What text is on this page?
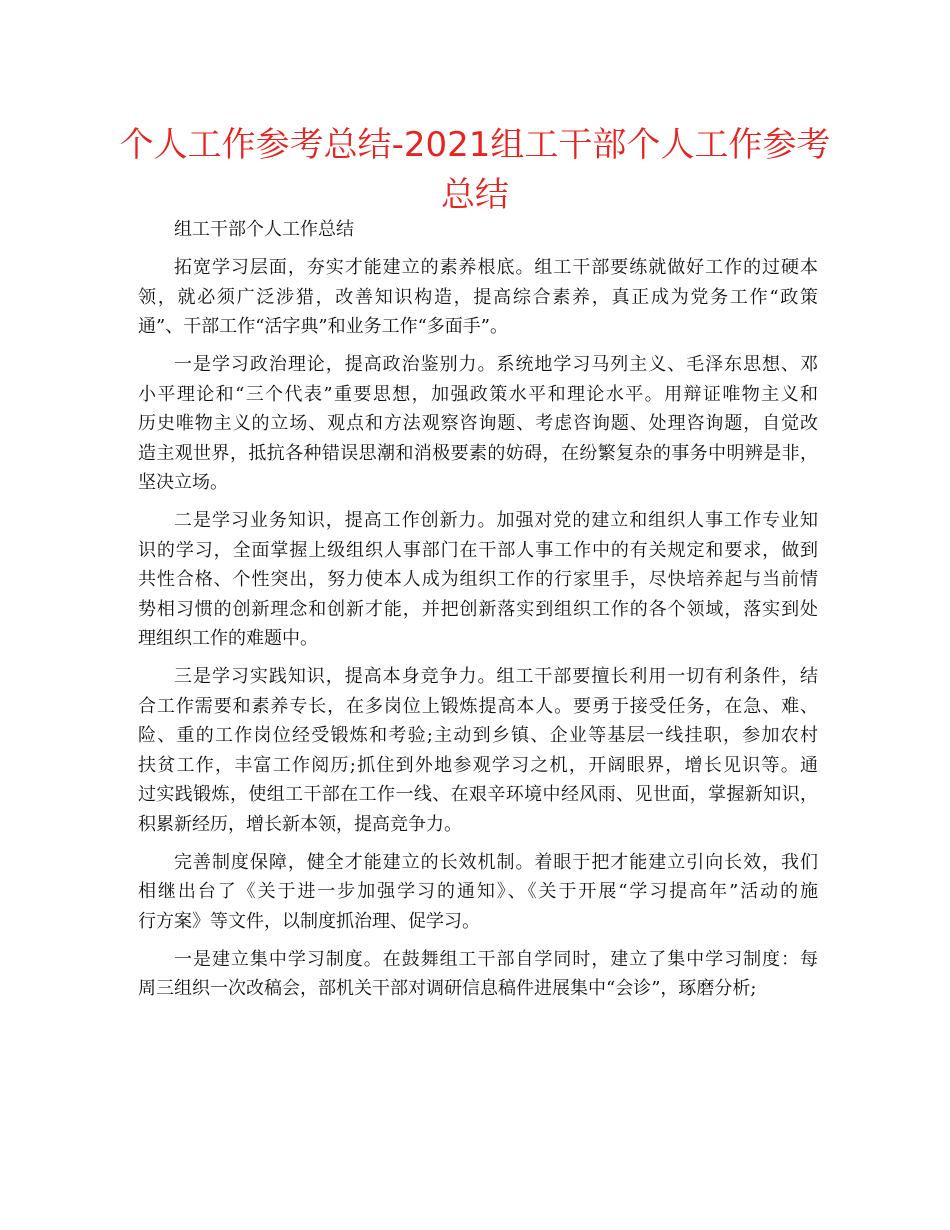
个人工作参考总结-2021组工干部个人工作参考
总结
组工干部个人工作总结
拓宽学习层面，夯实才能建立的素养根底。组工干部要练就做好工作的过硬本
领，就必须广泛涉猎，改善知识构造，提高综合素养，真正成为党务工作“政策
通”、干部工作“活字典”和业务工作“多面手”。
一是学习政治理论，提高政治鉴别力。系统地学习马列主义、毛泽东思想、邓
小平理论和“三个代表”重要思想，加强政策水平和理论水平。用辩证唯物主义和
历史唯物主义的立场、观点和方法观察咨询题、考虑咨询题、处理咨询题，自觉改
造主观世界，抵抗各种错误思潮和消极要素的妨碍，在纷繁复杂的事务中明辨是非，
坚决立场。
二是学习业务知识，提高工作创新力。加强对党的建立和组织人事工作专业知
识的学习，全面掌握上级组织人事部门在干部人事工作中的有关规定和要求，做到
共性合格、个性突出，努力使本人成为组织工作的行家里手，尽快培养起与当前情
势相习惯的创新理念和创新才能，并把创新落实到组织工作的各个领域，落实到处
理组织工作的难题中。
三是学习实践知识，提高本身竞争力。组工干部要擅长利用一切有利条件，结
合工作需要和素养专长，在多岗位上锻炼提高本人。要勇于接受任务，在急、难、
险、重的工作岗位经受锻炼和考验;主动到乡镇、企业等基层一线挂职，参加农村
扶贫工作，丰富工作阅历;抓住到外地参观学习之机，开阔眼界，增长见识等。通
过实践锻炼，使组工干部在工作一线、在艰辛环境中经风雨、见世面，掌握新知识，
积累新经历，增长新本领，提高竞争力。
完善制度保障，健全才能建立的长效机制。着眼于把才能建立引向长效，我们
相继出台了《关于进一步加强学习的通知》、《关于开展“学习提高年”活动的施
行方案》等文件，以制度抓治理、促学习。
一是建立集中学习制度。在鼓舞组工干部自学同时，建立了集中学习制度：每
周三组织一次改稿会，部机关干部对调研信息稿件进展集中“会诊”，琢磨分析;
